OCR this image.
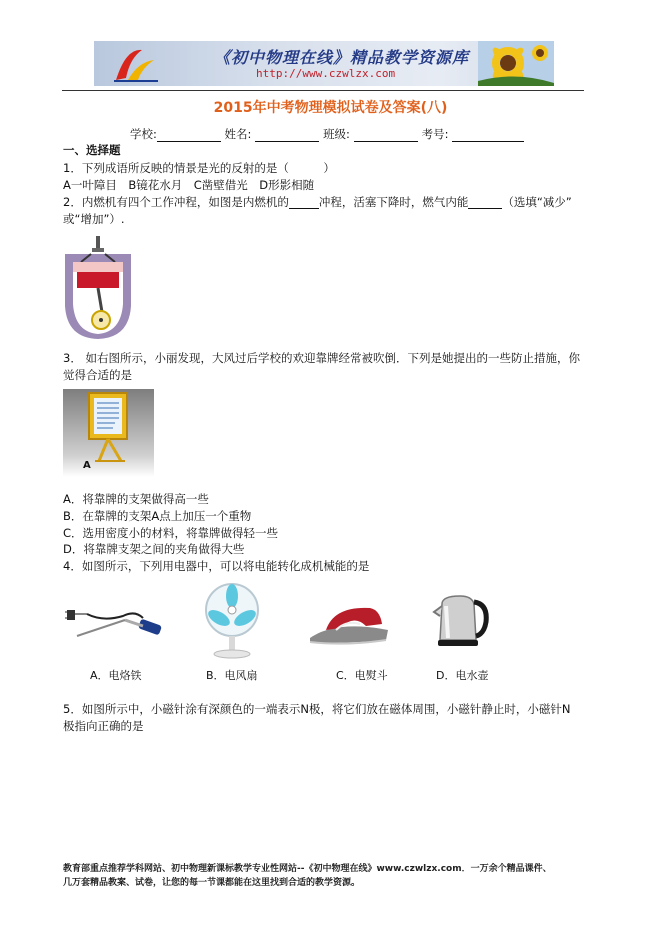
《初中物理在线》精品教学资源库
http://www.czwlzx.com
2015年中考物理模拟试卷及答案(八)
学校:	姓名:	班级:	考号:
一、选择题
1．下列成语所反映的情景是光的反射的是（　　　）
A一叶障目　B镜花水月　C凿壁借光　D形影相随
2．内燃机有四个工作冲程，如图是内燃机的	冲程，活塞下降时，燃气内能	（选填“减少”
或“增加”）.
3． 如右图所示，小丽发现，大风过后学校的欢迎靠牌经常被吹倒．下列是她提出的一些防止措施，你
觉得合适的是
A
A．将靠牌的支架做得高一些
B．在靠牌的支架A点上加压一个重物
C．选用密度小的材料，将靠牌做得轻一些
D．将靠牌支架之间的夹角做得大些
4．如图所示，下列用电器中，可以将电能转化成机械能的是
A．电烙铁	B．电风扇	C．电熨斗	D．电水壶
5．如图所示中，小磁针涂有深颜色的一端表示N极，将它们放在磁体周围，小磁针静止时，小磁针N
极指向正确的是
教育部重点推荐学科网站、初中物理新课标教学专业性网站--《初中物理在线》www.czwlzx.com．一万余个精品课件、
几万套精品教案、试卷，让您的每一节课都能在这里找到合适的教学资源。
